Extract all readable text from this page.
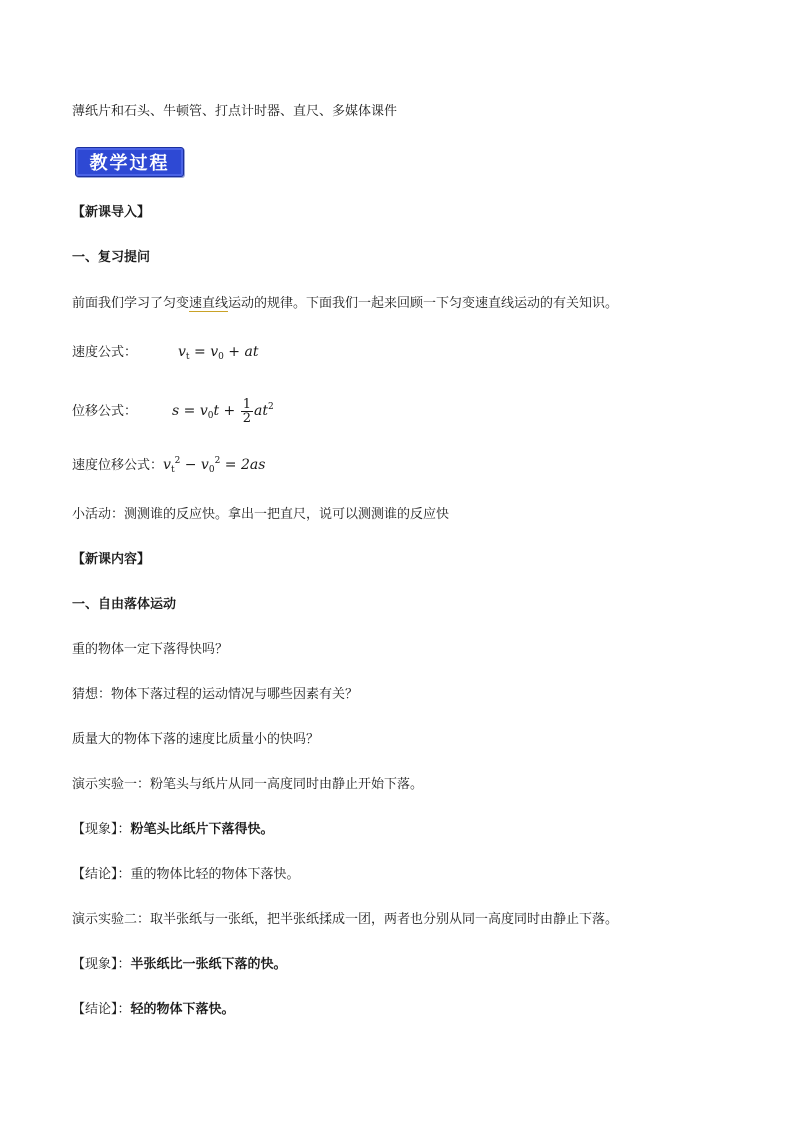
薄纸片和石头、牛顿管、打点计时器、直尺、多媒体课件
教学过程
【新课导入】
一、复习提问
前面我们学习了匀变速直线运动的规律。下面我们一起来回顾一下匀变速直线运动的有关知识。
速度公式：	$v_t = v_0$ + at
位移公式： $s = v_0t + \frac{1}{2} at^2$
速度位移公式：$v_t^2 - v_0^2 = 2as$
小活动：测测谁的反应快。拿出一把直尺，说可以测测谁的反应快
【新课内容】
一、自由落体运动
重的物体一定下落得快吗？
猜想：物体下落过程的运动情况与哪些因素有关？
质量大的物体下落的速度比质量小的快吗？
演示实验一：粉笔头与纸片从同一高度同时由静止开始下落。
【现象】：粉笔头比纸片下落得快。
【结论】：重的物体比轻的物体下落快。
演示实验二：取半张纸与一张纸，把半张纸揉成一团，两者也分别从同一高度同时由静止下落。
【现象】：半张纸比一张纸下落的快。
【结论】：轻的物体下落快。
